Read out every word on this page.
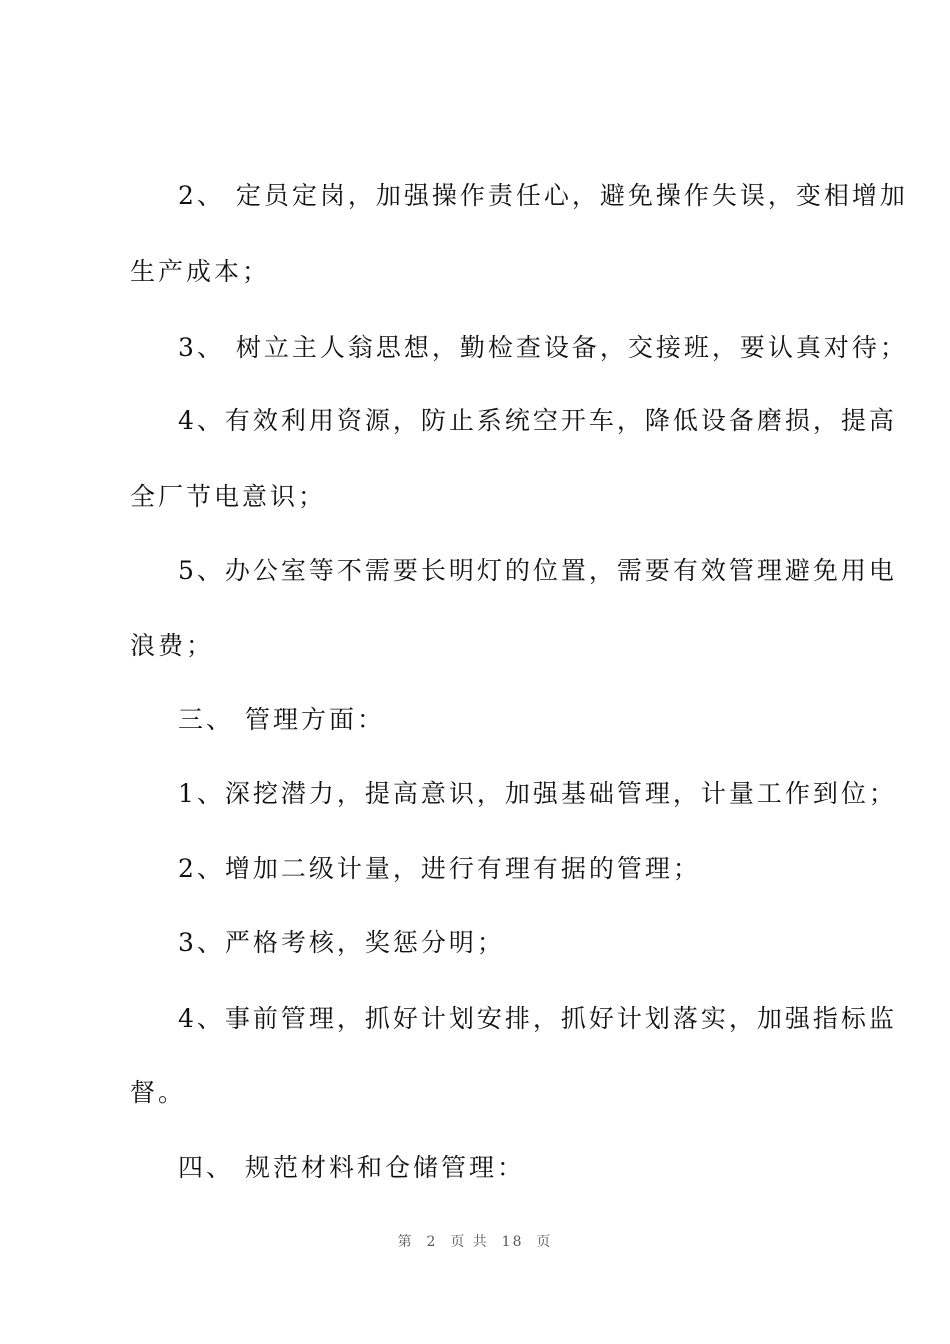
2、 定员定岗，加强操作责任心，避免操作失误，变相增加
生产成本；
3、 树立主人翁思想，勤检查设备，交接班，要认真对待；
4、有效利用资源，防止系统空开车，降低设备磨损，提高
全厂节电意识；
5、办公室等不需要长明灯的位置，需要有效管理避免用电
浪费；
三、 管理方面：
1、深挖潜力，提高意识，加强基础管理，计量工作到位；
2、增加二级计量，进行有理有据的管理；
3、严格考核，奖惩分明；
4、事前管理，抓好计划安排，抓好计划落实，加强指标监
督。
四、 规范材料和仓储管理：
第  2  页 共  18  页
